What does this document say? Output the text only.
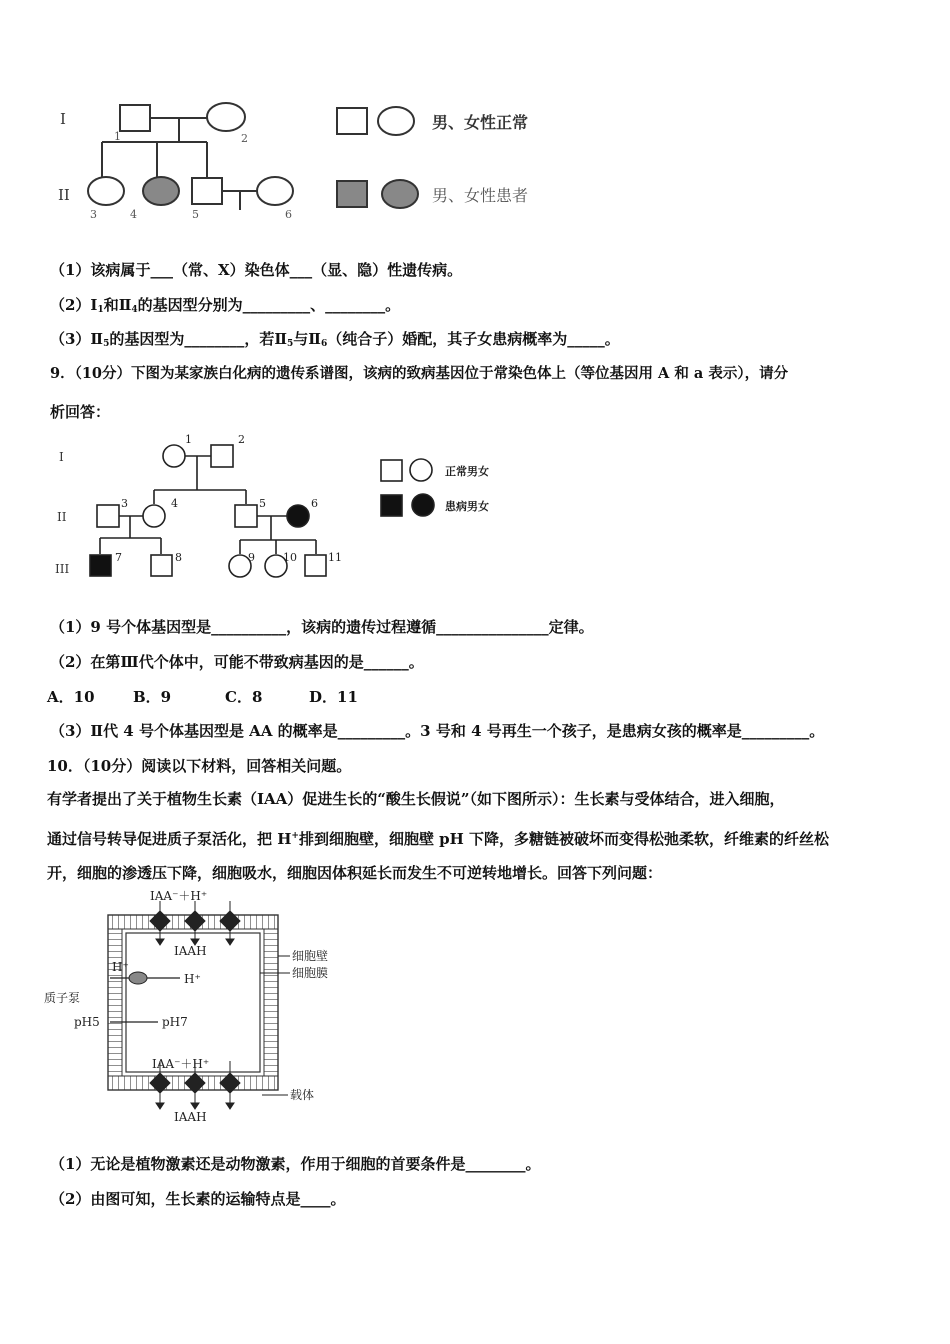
I
II
1	2
3	4	5	6
男、女性正常
男、女性患者
（1）该病属于___（常、X）染色体___（显、隐）性遗传病。
$(2)Ⅰ_1$和$Ⅱ_4$的基因型分别为_________、________。
$(3)Ⅱ_5$的基因型为________，若$Ⅱ_5$与$Ⅱ_6$（纯合子）婚配，其子女患病概率为_____。
9．（10分）下图为某家族白化病的遗传系谱图，该病的致病基因位于常染色体上（等位基因用 A 和 a 表示），请分
析回答：
I
II
III
1	2
3	4	5	6
7	8	9	10	11
正常男女
患病男女
（1）9 号个体基因型是__________，该病的遗传过程遵循_______________定律。
（2）在第Ⅲ代个体中，可能不带致病基因的是______。
A．10	B．9	C．8	D．11
（3）Ⅱ代 4 号个体基因型是 AA 的概率是_________。3 号和 4 号再生一个孩子，是患病女孩的概率是_________。
10．（10分）阅读以下材料，回答相关问题。
有学者提出了关于植物生长素（IAA）促进生长的“酸生长假说”（如下图所示）：生长素与受体结合，进入细胞，
通过信号转导促进质子泵活化，把 H+排到细胞壁，细胞壁 pH 下降，多糖链被破坏而变得松弛柔软，纤维素的纤丝松
开，细胞的渗透压下降，细胞吸水，细胞因体积延长而发生不可逆转地增长。回答下列问题：
IAA⁻＋H⁺
IAAH
H⁺
H⁺
质子泵
pH5	pH7
IAA⁻＋H⁺
IAAH
细胞壁
细胞膜
载体
（1）无论是植物激素还是动物激素，作用于细胞的首要条件是________。
（2）由图可知，生长素的运输特点是____。
